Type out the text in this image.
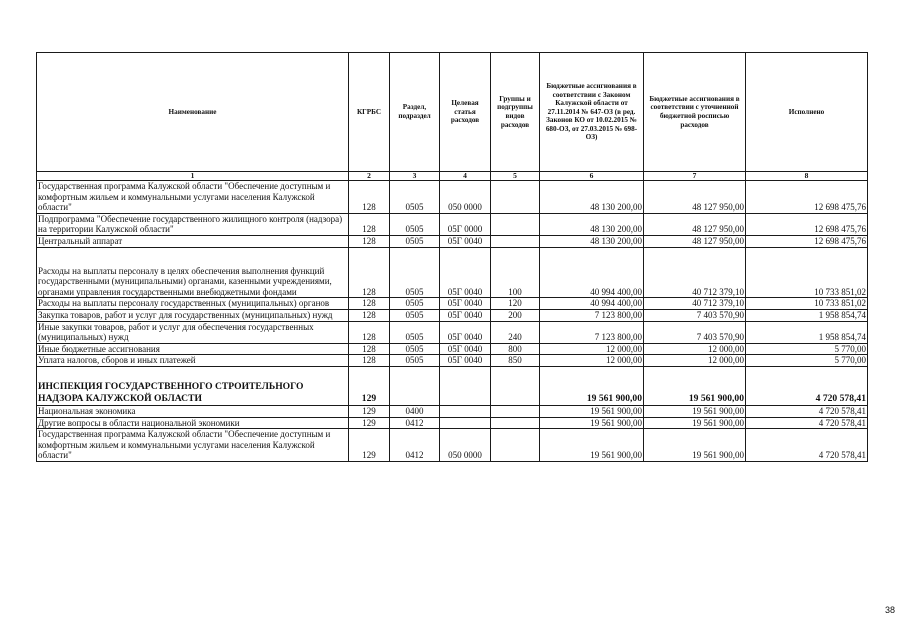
Наименование	КГРБС	Раздел, подраздел	Целевая статья расходов	Группы и подгруппы видов расходов	Бюджетные ассигнования в соответствии с Законом Калужской области от 27.11.2014 № 647-ОЗ (в ред. Законов КО от 10.02.2015 № 680-ОЗ, от 27.03.2015 № 698-ОЗ)	Бюджетные ассигнования в соответствии с уточненной бюджетной росписью расходов	Исполнено
1	2	3	4	5	6	7	8
Государственная программа Калужской области "Обеспечение доступным и комфортным жильем и коммунальными услугами населения Калужской области"	128	0505	050 0000		48 130 200,00	48 127 950,00	12 698 475,76
Подпрограмма "Обеспечение государственного жилищного контроля (надзора) на территории Калужской области"	128	0505	05Г 0000		48 130 200,00	48 127 950,00	12 698 475,76
Центральный аппарат	128	0505	05Г 0040		48 130 200,00	48 127 950,00	12 698 475,76
Расходы на выплаты персоналу в целях обеспечения выполнения функций государственными (муниципальными) органами, казенными учреждениями, органами управления государственными внебюджетными фондами	128	0505	05Г 0040	100	40 994 400,00	40 712 379,10	10 733 851,02
Расходы на выплаты персоналу государственных (муниципальных) органов	128	0505	05Г 0040	120	40 994 400,00	40 712 379,10	10 733 851,02
Закупка товаров, работ и услуг для государственных (муниципальных) нужд	128	0505	05Г 0040	200	7 123 800,00	7 403 570,90	1 958 854,74
Иные закупки товаров, работ и услуг для обеспечения государственных (муниципальных) нужд	128	0505	05Г 0040	240	7 123 800,00	7 403 570,90	1 958 854,74
Иные бюджетные ассигнования	128	0505	05Г 0040	800	12 000,00	12 000,00	5 770,00
Уплата налогов, сборов и иных платежей	128	0505	05Г 0040	850	12 000,00	12 000,00	5 770,00
ИНСПЕКЦИЯ ГОСУДАРСТВЕННОГО СТРОИТЕЛЬНОГО НАДЗОРА КАЛУЖСКОЙ ОБЛАСТИ	129				19 561 900,00	19 561 900,00	4 720 578,41
Национальная экономика	129	0400			19 561 900,00	19 561 900,00	4 720 578,41
Другие вопросы в области национальной экономики	129	0412			19 561 900,00	19 561 900,00	4 720 578,41
Государственная программа Калужской области "Обеспечение доступным и комфортным жильем и коммунальными услугами населения Калужской области"	129	0412	050 0000		19 561 900,00	19 561 900,00	4 720 578,41
38
